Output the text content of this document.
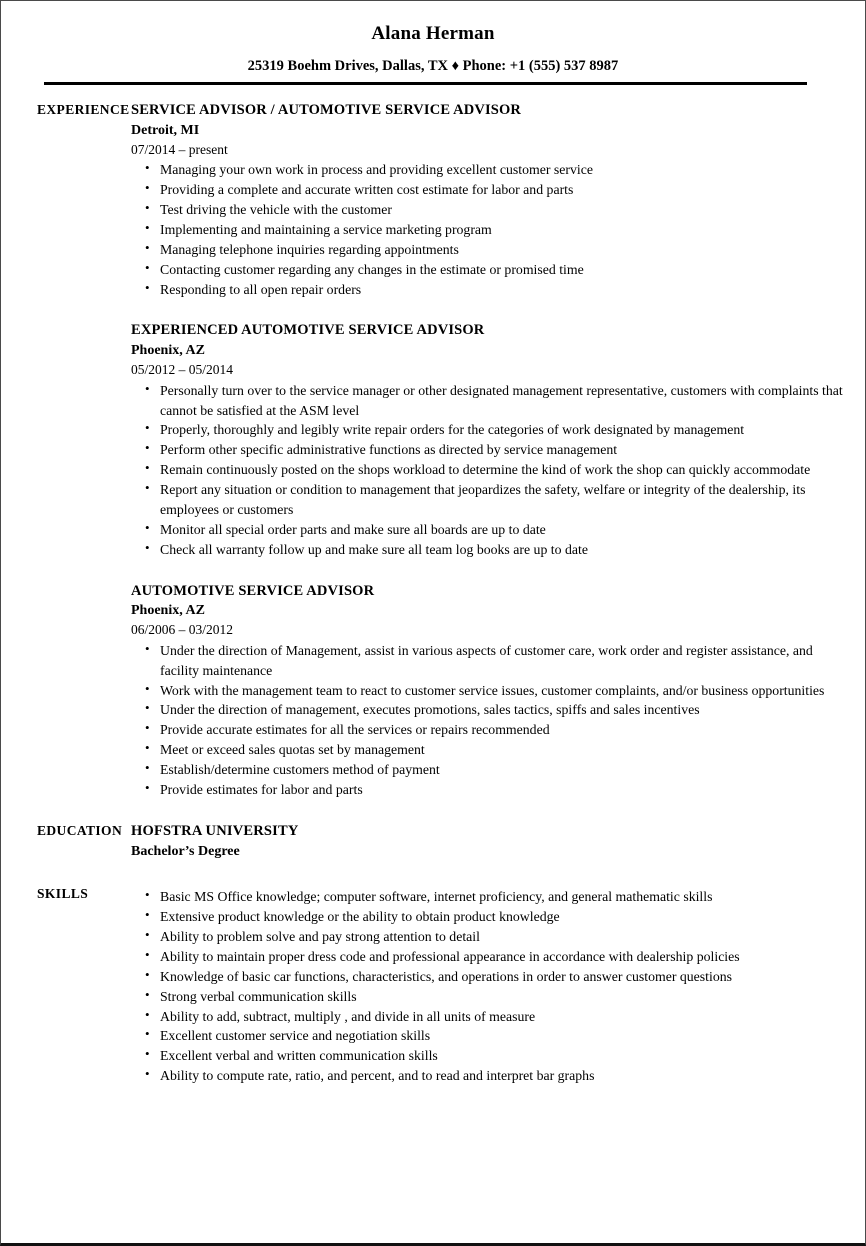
Alana Herman
25319 Boehm Drives, Dallas, TX ♦ Phone: +1 (555) 537 8987
EXPERIENCE SERVICE ADVISOR / AUTOMOTIVE SERVICE ADVISOR
Detroit, MI
07/2014 – present
• Managing your own work in process and providing excellent customer service
• Providing a complete and accurate written cost estimate for labor and parts
• Test driving the vehicle with the customer
• Implementing and maintaining a service marketing program
• Managing telephone inquiries regarding appointments
• Contacting customer regarding any changes in the estimate or promised time
• Responding to all open repair orders
EXPERIENCED AUTOMOTIVE SERVICE ADVISOR
Phoenix, AZ
05/2012 – 05/2014
• Personally turn over to the service manager or other designated management representative, customers with complaints that cannot be satisfied at the ASM level
• Properly, thoroughly and legibly write repair orders for the categories of work designated by management
• Perform other specific administrative functions as directed by service management
• Remain continuously posted on the shops workload to determine the kind of work the shop can quickly accommodate
• Report any situation or condition to management that jeopardizes the safety, welfare or integrity of the dealership, its employees or customers
• Monitor all special order parts and make sure all boards are up to date
• Check all warranty follow up and make sure all team log books are up to date
AUTOMOTIVE SERVICE ADVISOR
Phoenix, AZ
06/2006 – 03/2012
• Under the direction of Management, assist in various aspects of customer care, work order and register assistance, and facility maintenance
• Work with the management team to react to customer service issues, customer complaints, and/or business opportunities
• Under the direction of management, executes promotions, sales tactics, spiffs and sales incentives
• Provide accurate estimates for all the services or repairs recommended
• Meet or exceed sales quotas set by management
• Establish/determine customers method of payment
• Provide estimates for labor and parts
EDUCATION HOFSTRA UNIVERSITY
Bachelor’s Degree
SKILLS	• Basic MS Office knowledge; computer software, internet proficiency, and general mathematic skills
• Extensive product knowledge or the ability to obtain product knowledge
• Ability to problem solve and pay strong attention to detail
• Ability to maintain proper dress code and professional appearance in accordance with dealership policies
• Knowledge of basic car functions, characteristics, and operations in order to answer customer questions
• Strong verbal communication skills
• Ability to add, subtract, multiply , and divide in all units of measure
• Excellent customer service and negotiation skills
• Excellent verbal and written communication skills
• Ability to compute rate, ratio, and percent, and to read and interpret bar graphs
